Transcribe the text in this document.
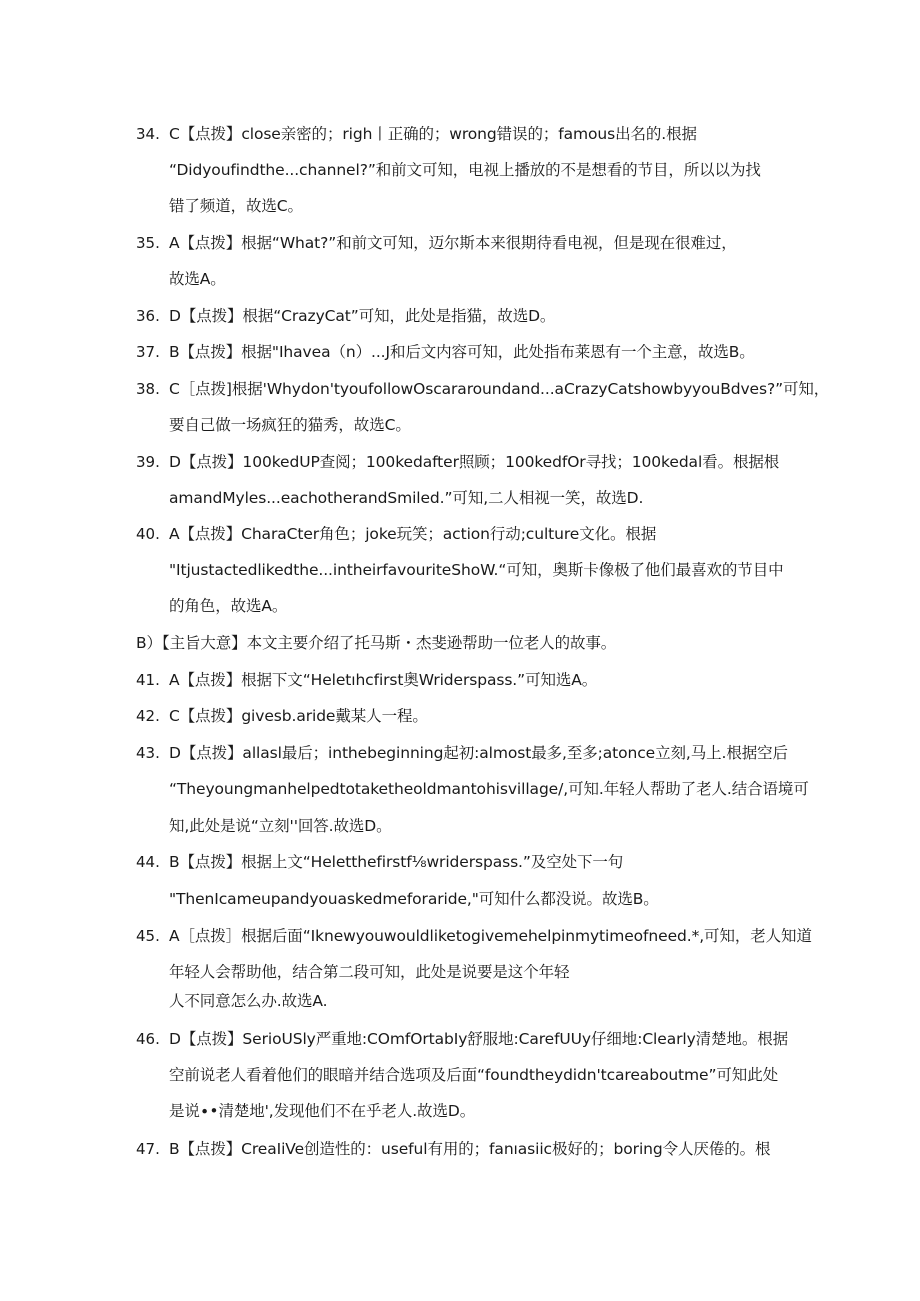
34. C【点拨】close亲密的；righ丨正确的；wrong错误的；famous出名的.根据
“Didyoufindthe...channel?”和前文可知，电视上播放的不是想看的节目，所以以为找
错了频道，故选C。
35. A【点拨】根据“What?”和前文可知，迈尔斯本来很期待看电视，但是现在很难过，
故选A。
36. D【点拨】根据“CrazyCat”可知，此处是指猫，故选D。
37. B【点拨】根据"Ihavea（n）...J和后文内容可知，此处指布莱恩有一个主意，故选B。
38. C［点拨]根据'Whydon'tyoufollowOscararoundand...aCrazyCatshowbyyouBdves?”可知，
要自己做一场疯狂的猫秀，故选C。
39. D【点拨】100kedUP查阅；100kedafter照顾；100kedfOr寻找；100kedal看。根据根
amandMyles...eachotherandSmiled.”可知,二人相视一笑，故选D.
40. A【点拨】CharaCter角色；joke玩笑；action行动;culture文化。根据
"Itjustactedlikedthe...intheirfavouriteShoW.“可知，奥斯卡像极了他们最喜欢的节目中
的角色，故选A。
B）【主旨大意】本文主要介绍了托马斯・杰斐逊帮助一位老人的故事。
41. A【点拨】根据下文“Heletıhcfirst奥Wriderspass.”可知选A。
42. C【点拨】givesb.aride戴某人一程。
43. D【点拨】allasl最后；inthebeginning起初:almost最多,至多;atonce立刻,马上.根据空后
“Theyoungmanhelpedtotaketheoldmantohisvillage/,可知.年轻人帮助了老人.结合语境可
知,此处是说“立刻''回答.故选D。
44. B【点拨】根据上文“Heletthefirstf⅛wriderspass.”及空处下一句
"ThenIcameupandyouaskedmeforaride,"可知什么都没说。故选B。
45. A［点拨］根据后面“Iknewyouwouldliketogivemehelpinmytimeofneed.*,可知，老人知道
年轻人会帮助他，结合第二段可知，此处是说要是这个年轻
人不同意怎么办.故选A.
46. D【点拨】SerioUSly严重地:COmfOrtabIy舒服地:CarefUUy仔细地:Clearly清楚地。根据
空前说老人看着他们的眼暗并结合选项及后面“foundtheydidn'tcareaboutme”可知此处
是说∙•清楚地',发现他们不在乎老人.故选D。
47. B【点拨】CreaIiVe创造性的：useful有用的；fanıasiic极好的；boring令人厌倦的。根
